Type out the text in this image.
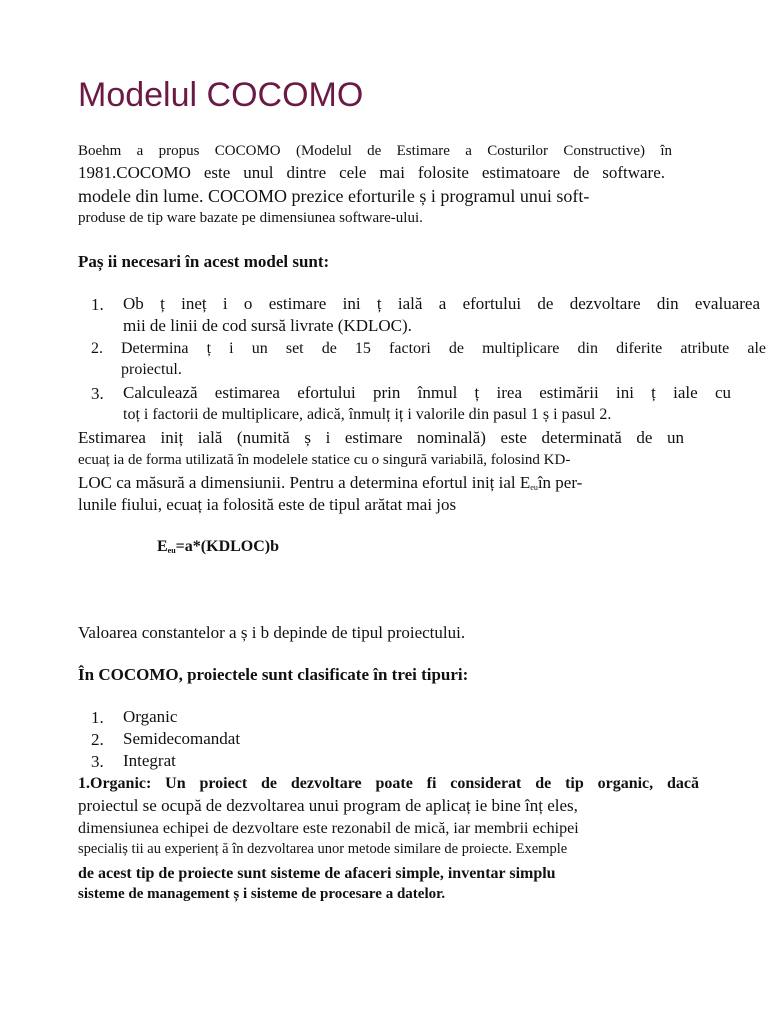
Modelul COCOMO
Boehm a propus COCOMO (Modelul de Estimare a Costurilor Constructive) în
1981.COCOMO este unul dintre cele mai folosite estimatoare de software.
modele din lume. COCOMO prezice eforturile ș i programul unui soft-
produse de tip ware bazate pe dimensiunea software-ului.
Paș ii necesari în acest model sunt:
1. Ob ț ineț i o estimare ini ț ială a efortului de dezvoltare din evaluarea
mii de linii de cod sursă livrate (KDLOC).
2. Determina ț i un set de 15 factori de multiplicare din diferite atribute ale
proiectul.
3. Calculează estimarea efortului prin înmul ț irea estimării ini ț iale cu
toț i factorii de multiplicare, adică, înmulț iț i valorile din pasul 1 ș i pasul 2.
Estimarea iniț ială (numită ș i estimare nominală) este determinată de un
ecuaț ia de forma utilizată în modelele statice cu o singură variabilă, folosind KD-
LOC ca măsură a dimensiunii. Pentru a determina efortul iniț ial $E_{eu}în$ per-
lunile fiului, ecuaț ia folosită este de tipul arătat mai jos
$E_{eu}=a*(KDLOC)b$
Valoarea constantelor a ș i b depinde de tipul proiectului.
În COCOMO, proiectele sunt clasificate în trei tipuri:
1. Organic
2. Semidecomandat
3. Integrat
1.Organic: Un proiect de dezvoltare poate fi considerat de tip organic, dacă
proiectul se ocupă de dezvoltarea unui program de aplicaț ie bine înț eles,
dimensiunea echipei de dezvoltare este rezonabil de mică, iar membrii echipei
specialiș tii au experienț ă în dezvoltarea unor metode similare de proiecte. Exemple
de acest tip de proiecte sunt sisteme de afaceri simple, inventar simplu
sisteme de management ș i sisteme de procesare a datelor.
